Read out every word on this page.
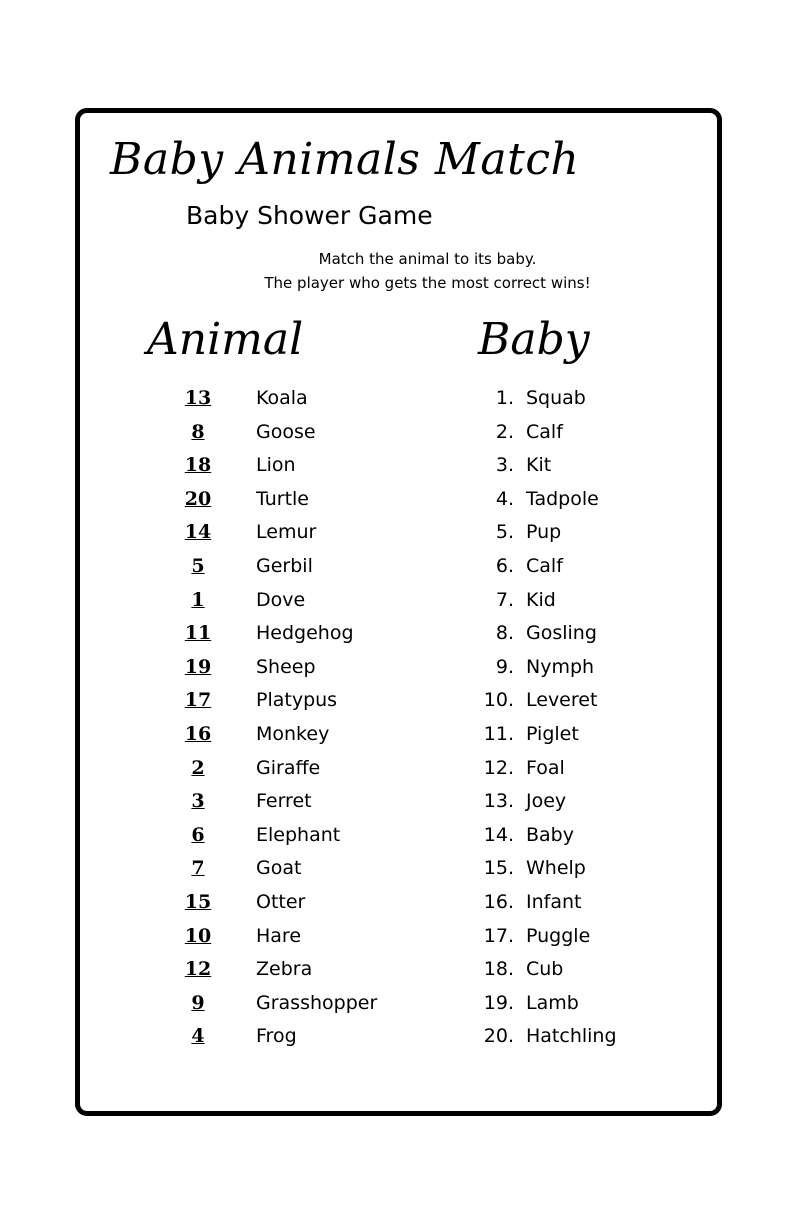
Baby Animals Match
Baby Shower Game
Match the animal to its baby.
The player who gets the most correct wins!
Animal	Baby
13	Koala	1. Squab
8	Goose	2. Calf
18	Lion	3. Kit
20	Turtle	4. Tadpole
14	Lemur	5. Pup
5	Gerbil	6. Calf
1	Dove	7. Kid
11	Hedgehog	8. Gosling
19	Sheep	9. Nymph
17	Platypus	10. Leveret
16	Monkey	11. Piglet
2	Giraffe	12. Foal
3	Ferret	13. Joey
6	Elephant	14. Baby
7	Goat	15. Whelp
15	Otter	16. Infant
10	Hare	17. Puggle
12	Zebra	18. Cub
9	Grasshopper	19. Lamb
4	Frog	20. Hatchling
